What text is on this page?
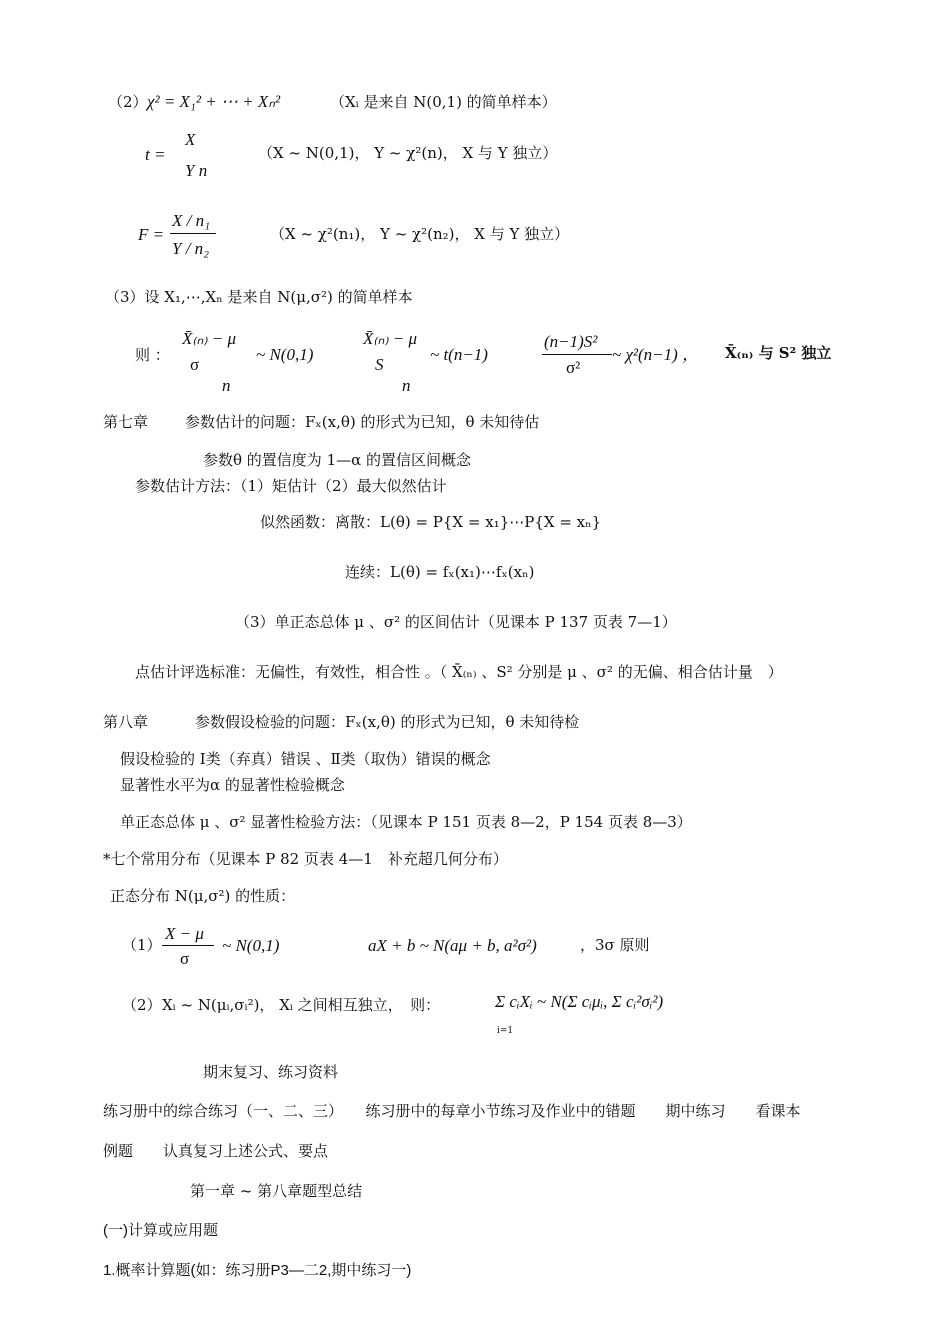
（2） χ² = X₁² + ⋯ + Xₙ²	（Xᵢ 是来自 N(0,1) 的简单样本）
t =
X
Y n
（X ~ N(0,1)， Y ~ χ²(n)， X 与 Y 独立）
F =
X / n₁
Y / n₂
（X ~ χ²(n₁)， Y ~ χ²(n₂)， X 与 Y 独立）
（3）设 X₁,⋯,Xₙ 是来自 N(μ,σ²) 的简单样本
则 ：
X̄₍ₙ₎ − μ
σ
n
~ N(0,1)
X̄₍ₙ₎ − μ
S
n
~ t(n−1)
(n−1)S²
σ²
~ χ²(n−1) ， X̄₍ₙ₎ 与 S² 独立
第七章 参数估计的问题：Fₓ(x,θ) 的形式为已知，θ 未知待估
参数θ 的置信度为 1—α 的置信区间概念
参数估计方法：（1）矩估计（2）最大似然估计
似然函数：离散：L(θ) = P{X = x₁}⋯P{X = xₙ}
连续：L(θ) = fₓ(x₁)⋯fₓ(xₙ)
（3）单正态总体 μ 、σ² 的区间估计（见课本 P 137 页表 7—1）
点估计评选标准：无偏性，有效性，相合性 。（ X̄₍ₙ₎ 、S² 分别是 μ 、σ² 的无偏、相合估计量　）
第八章	参数假设检验的问题：Fₓ(x,θ) 的形式为已知，θ 未知待检
假设检验的 Ⅰ类（弃真）错误 、Ⅱ类（取伪）错误的概念
显著性水平为α 的显著性检验概念
单正态总体 μ 、σ² 显著性检验方法：（见课本 P 151 页表 8—2，P 154 页表 8—3）
*七个常用分布（见课本 P 82 页表 4—1　补充超几何分布）
正态分布 N(μ,σ²) 的性质：
（1）
X − μ
σ
~ N(0,1)	aX + b ~ N(aμ + b, a²σ²)	，3σ 原则
（2） Xᵢ ~ N(μᵢ,σᵢ²)， Xᵢ 之间相互独立，　则：	Σ cᵢXᵢ ~ N(Σ cᵢμᵢ, Σ cᵢ²σᵢ²)
i=1
期末复习、练习资料
练习册中的综合练习（一、二、三）　　练习册中的每章小节练习及作业中的错题　　期中练习　　看课本
例题　　认真复习上述公式、要点
第一章 ~ 第八章题型总结
(一)计算或应用题
1.概率计算题(如：练习册P3—二2,期中练习一)
